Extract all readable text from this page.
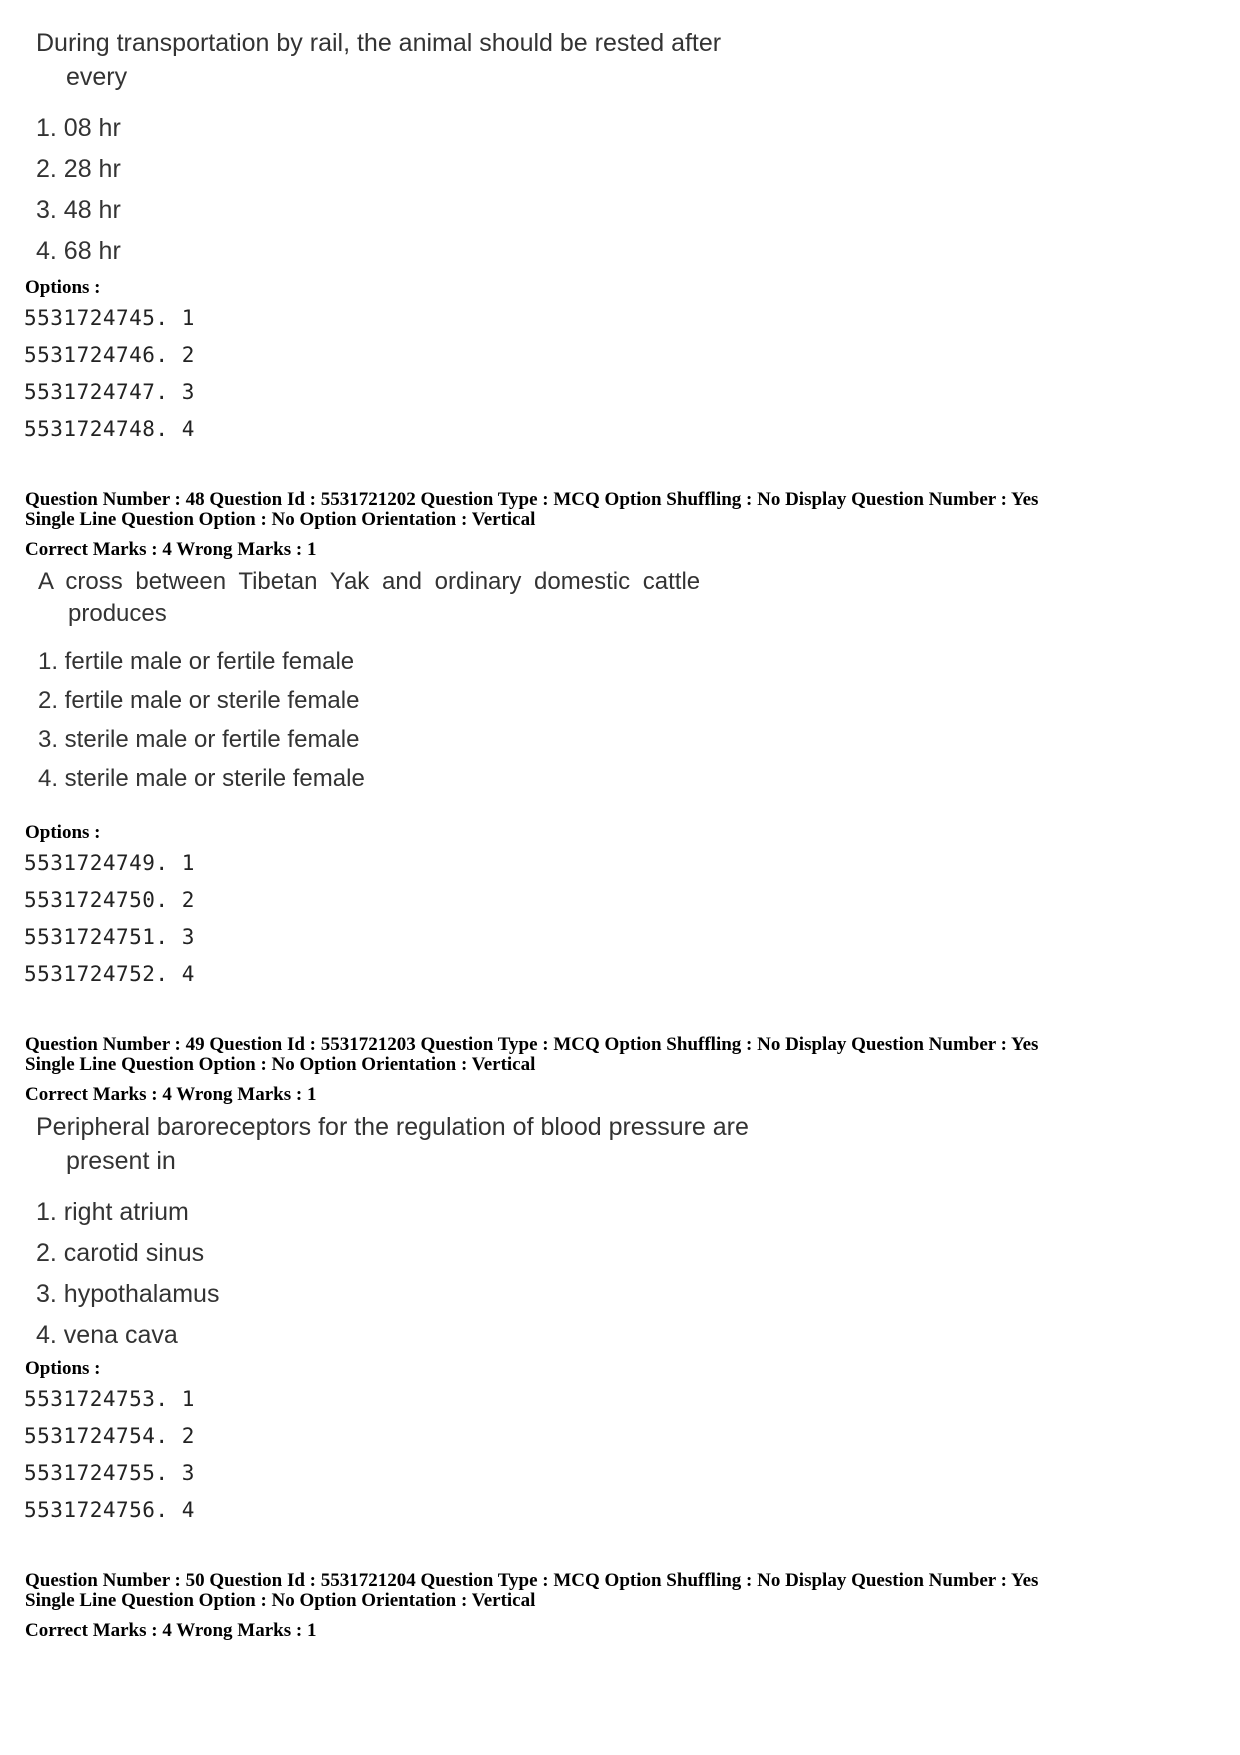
During transportation by rail, the animal should be rested after
every

1. 08 hr
2. 28 hr
3. 48 hr
4. 68 hr
Options :
5531724745. 1
5531724746. 2
5531724747. 3
5531724748. 4
Question Number : 48 Question Id : 5531721202 Question Type : MCQ Option Shuffling : No Display Question Number : Yes
Single Line Question Option : No Option Orientation : Vertical
Correct Marks : 4 Wrong Marks : 1

A cross between Tibetan Yak and ordinary domestic cattle
produces

1. fertile male or fertile female
2. fertile male or sterile female
3. sterile male or fertile female
4. sterile male or sterile female
Options :
5531724749. 1
5531724750. 2
5531724751. 3
5531724752. 4
Question Number : 49 Question Id : 5531721203 Question Type : MCQ Option Shuffling : No Display Question Number : Yes
Single Line Question Option : No Option Orientation : Vertical
Correct Marks : 4 Wrong Marks : 1

Peripheral baroreceptors for the regulation of blood pressure are
present in

1. right atrium
2. carotid sinus
3. hypothalamus
4. vena cava
Options :
5531724753. 1
5531724754. 2
5531724755. 3
5531724756. 4
Question Number : 50 Question Id : 5531721204 Question Type : MCQ Option Shuffling : No Display Question Number : Yes
Single Line Question Option : No Option Orientation : Vertical
Correct Marks : 4 Wrong Marks : 1
